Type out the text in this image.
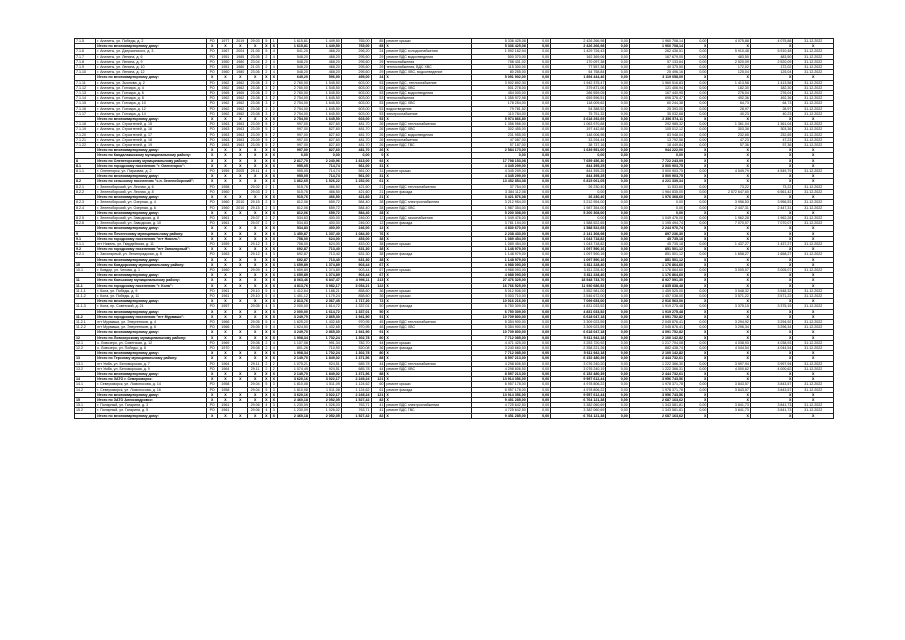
7.1.5	г. Апатиты, ул. Победы, д. 2	РО	1977	2019	29.03	5	1	1 615,81	1 449,50	765,00	85	ремонт крыши	5 336 425,08	0,00	2 426 266,98	0,00	1 960 708,14	0,00	4 075,88	4 075,88	31.12.2022
	Итого по многоквартирному дому:	Х	Х	Х	Х	Х	Х	1 615,81	1 449,50	765,00	85	Х	5 336 425,08	0,00	2 426 266,98	0,00	1 960 708,14	Х	Х	Х	Х
7.1.6	г. Апатиты, ул. Дзержинского, д. 3	РО	1967	2004	21.05	5	4	541,20	468,20	296,20	24	ремонт ВДС холодоснабжения	1 992 162,94	0,00	1 429 726,43	0,00	262 436,51	0,00	5 910,48	5 910,48	31.12.2022
7.1.7	г. Апатиты, ул. Ленина, д. 6	РО	1951	1985	23.05	2	4	548,20	468,20	295,60	29	ремонт ВДС водоотведения	500 370,00	0,00	162 369,06	0,00	167 679,00	0,00	483,50	483,50	31.12.2022
7.1.8	г. Апатиты, ул. Ленина, д. 9	РО	1950	1980	23.04	2	4	548,20	468,20	295,60	29	теплоснабжения	758 431,02	0,00	170 097,38	0,00	57 133,64	0,00	2 520,09	2 520,09	31.12.2022
7.1.9	г. Апатиты, ул. Ленина, д. 10	РО	1951	1980	21.03	2	4	548,20	468,20	295,60	29	теплоснабжения, ВДС ХВС	115 300,00	0,00	77 557,38	0,00	40 375,50	0,00	172,02	172,02	31.12.2022
7.1.10	г. Апатиты, ул. Ленина, д. 12	РО	1960	1980	23.06	2	4	548,20	468,20	295,60	29	ремонт ВДС ХВС, водоотведение	80 255,00	0,00	54 758,84	0,00	25 496,16	0,00	125,04	125,04	31.12.2022
	Итого по многоквартирному дому:	Х	Х	Х	Х	Х	Х	649,20	596,90	495,00	24	Х	5 091 902,00	0,00	1 894 444,46	0,00	3 119 058,00	Х	Х	Х	Х
7.1.11	г. Апатиты, ул. Зыонова, д. 2	РО	1962	1962	23.08	3	2	2 760,00	1 545,50	603,00	53	ремонт ВДС, теплоснабжение	3 902 892,30	0,00	1 942 375,47	0,00	1 960 516,83	0,00	1 413,58	1 413,58	31.12.2022
7.1.12	г. Апатиты, ул. Гончара, д. 4	РО	1962	1962	23.08	3	2	2 760,00	1 545,50	603,00	53	ремонт ВДС ХВС	501 278,00	0,00	379 871,06	0,00	121 406,94	0,00	182,30	182,30	31.12.2022
7.1.13	г. Апатиты, ул. Гончара, д. 6	РО	1965	1965	23.08	2	2	2 760,00	1 545,50	603,00	53	ремонт ВДС водоотведения	454 000,00	0,00	286 559,05	0,00	167 440,95	0,00	276,04	276,04	31.12.2022
7.1.14	г. Апатиты, ул. Гончара, д. 8	РО	1962	1962	23.08	3	2	2 754,00	1 645,50	603,00	53	теплоснабжения	1 355 972,98	0,00	659 596,51	0,00	696 376,47	0,00	492,36	492,36	31.12.2022
7.1.15	г. Апатиты, ул. Гончара, д. 10	РО	1962	1962	23.08	3	2	2 754,00	1 645,50	603,00	53	ремонт ВДС ХВС	178 254,00	0,00	118 009,62	0,00	60 244,38	0,00	64,73	64,73	31.12.2022
7.1.16	г. Апатиты, ул. Гончара, д. 12	РО	1962	1962	23.08	3	2	2 754,00	1 645,50	603,00	53	водоотведение	79 781,52	0,00	54 388,52	0,00	25 393,00	0,00	28,97	28,97	31.12.2022
7.1.17	г. Апатиты, ул. Гончара, д. 14	РО	1962	1962	23.08	3	2	2 754,00	1 645,50	603,00	53	электроснабжение	110 784,00	0,00	75 751,32	0,00	35 032,68	0,00	40,23	40,23	31.12.2022
	Итого по многоквартирному дому:	Х	Х	Х	Х	Х	Х	2 754,00	1 645,50	603,00	53	Х	5 974 866,80	0,00	3 618 292,69	0,00	2 356 574,11	Х	Х	Х	Х
7.1.18	г. Апатиты, ул. Строителей, д. 15	РО	1963	1963	23.09	5	2	997,00	827,60	481,70	26	ремонт ВДС теплоснабжения	1 356 956,00	0,00	1 063 970,68	0,00	292 985,32	0,00	1 361,04	1 361,04	31.12.2022
7.1.19	г. Апатиты, ул. Строителей, д. 16	РО	1963	1963	23.09	5	2	997,00	827,60	481,70	26	ремонт ВДС ХВС	302 455,00	0,00	197 442,88	0,00	105 012,12	0,00	303,36	303,36	31.12.2022
7.1.20	г. Апатиты, ул. Строителей, д. 17	РО	1963	1963	23.09	5	2	997,00	827,60	481,70	26	ремонт ВДС водоотведения	231 955,00	0,00	148 006,96	0,00	83 948,04	0,00	232,65	232,65	31.12.2022
7.1.21	г. Апатиты, ул. Строителей, д. 18	РО	1963	1963	23.09	5	2	997,00	827,60	481,70	26	электроснабжения	47 087,00	0,00	33 294,44	0,00	13 792,56	0,00	47,23	47,23	31.12.2022
7.1.22	г. Апатиты, ул. Строителей, д. 19	РО	1963	1963	23.09	5	2	997,00	827,60	481,70	26	ремонт ВДС ГВС	57 187,00	0,00	38 737,16	0,00	18 449,84	0,00	57,36	57,36	31.12.2022
	Итого по многоквартирному дому:	Х	Х	Х	Х	Х	Х	997,00	827,60	481,70	26	Х	2 584 173,00	0,00	1 639 951,00	0,00	944 222,00	Х	Х	Х	Х
	Итого по Кандалакшскому муниципальному району:	Х	Х	Х	Х	Х	Х	0,00	0,00	0,00	0	Х	0,00	0,00	0,00	0,00	0,00	Х	Х	Х	Х
8	Итого по Оленегорскому муниципальному району:	Х	Х	Х	Х	Х	Х	2 817,70	2 240,96	1 813,00	92	Х	17 798 153,08	0,00	7 659 456,30	0,00	7 722 243,09	Х	Х	Х	Х
8.1	Итого по городскому поселению "г. Оленегорск":	Х	Х	Х	Х	Х	Х	955,05	714,74	561,00	31	Х	4 345 299,00	0,00	844 395,25	0,00	3 500 903,75	Х	Х	Х	Х
8.1.1	г. Оленегорск, ул. Парковая, д. 2	РО	1959	2005	29.11	4	4	955,05	714,74	561,00	31	ремонт крыши	4 345 299,00	0,00	844 395,25	0,00	3 500 903,75	0,00	4 549,79	4 549,79	31.12.2022
	Итого по многоквартирному дому:	Х	Х	Х	Х	Х	Х	955,05	714,74	561,00	31	Х	4 345 299,00	0,00	844 395,25	0,00	3 500 903,75	Х	Х	Х	Х
8.2	Итого по сельскому поселению "с.п. Зеленоборский":	Х	Х	Х	Х	Х	Х	1 862,65	1 526,22	1 252,00	61	Х	13 452 854,08	0,00	6 815 061,05	0,00	4 221 339,34	Х	Х	Х	Х
8.2.1	г. Зеленоборский, ул. Лесная, д. 6	РО	1958		29.02	2	1	515,76	466,50	421,60	21	ремонт ВДС теплоснабжения	37 764,00	0,00	26 230,40	0,00	11 533,60	0,00	73,22	73,22	31.12.2022
8.2.2	г. Зеленоборский, ул. Лесная, д. 8	РО	1960		29.03	2	1	515,76	466,50	421,60	21	ремонт фасада	3 384 112,08	0,00	0,00	0,00	1 964 835,00	0,00	2 572 647,60	6 561,42	31.12.2022
	Итого по многоквартирному дому:	Х	Х	Х	Х	Х	Х	515,76	466,50	421,60	21	Х	3 421 876,08	0,00	26 230,40	0,00	1 976 368,60	Х	Х	Х	Х
8.2.3	г. Зеленоборский, ул. Озерная, д. 4	РО	1960	2010	29.15	2	3	812,06	659,72	584,40	28	ремонт ВДС электроснабжения	3 212 954,00	0,00	3 212 954,00	0,00	0,00	0,00	3 956,53	3 956,53	31.12.2022
8.2.4	г. Зеленоборский, ул. Озерная, д. 6	РО	1960	2010	29.15	2	3	812,06	659,72	584,40	28	ремонт ВДС ХВС	1 987 354,00	0,00	1 987 354,00	0,00	0,00	0,00	2 447,31	2 447,31	31.12.2022
	Итого по многоквартирному дому:	Х	Х	Х	Х	Х	Х	812,06	659,72	584,40	28	Х	5 200 308,00	0,00	5 200 308,00	0,00	0,00	Х	Х	Х	Х
8.2.5	г. Зеленоборский, ул. Заводская, д. 8	РО	1961		29.07	2	2	534,83	400,00	246,00	12	ремонт ВДС газоснабжения	1 049 476,00	0,00	0,00	0,00	1 049 476,00	0,00	1 962,28	1 962,28	31.12.2022
8.2.6	г. Зеленоборский, ул. Заводская, д. 10	РО	1961		29.07	2	2	534,83	400,00	246,00	12	ремонт фасада	3 781 194,00	0,00	1 588 522,65	0,00	1 195 494,74	0,00	7 070,07	7 070,07	31.12.2022
	Итого по многоквартирному дому:	Х	Х	Х	Х	Х	Х	534,83	400,00	246,00	12	Х	4 830 670,00	0,00	1 588 522,65	0,00	2 244 970,74	Х	Х	Х	Х
9	Итого по Печенгскому муниципальному району:	Х	Х	Х	Х	Х	Х	1 450,87	1 337,40	1 084,30	76	Х	2 238 433,00	0,00	2 141 308,98	0,00	897 236,30	Х	Х	Х	Х
9.1	Итого по городскому поселению "пгт Никель":	Х	Х	Х	Х	Х	Х	758,00	624,00	453,00	38	Х	1 089 454,00	0,00	1 043 718,82	0,00	45 735,18	Х	Х	Х	Х
9.1.1	пгт Никель, ул. Гвардейская, д. 11	РО	1959		29.12	3	2	758,00	624,00	453,00	38	ремонт крыши	1 089 454,00	0,00	1 043 718,82	0,00	45 735,18	0,00	1 437,27	1 437,27	31.12.2022
9.2	Итого по городскому поселению "пгт Заполярный":	Х	Х	Х	Х	Х	Х	692,87	713,40	631,30	38	Х	1 148 979,00	0,00	1 097 590,16	0,00	851 501,12	Х	Х	Х	Х
9.2.1	г. Заполярный, ул. Ленинградская, д. 5	РО	1963		29.12	4	3	692,87	713,40	631,30	38	ремонт фасада	1 148 979,00	0,00	1 097 590,16	0,00	851 501,12	0,00	1 658,27	1 658,27	31.12.2022
	Итого по многоквартирному дому:	Х	Х	Х	Х	Х	Х	692,87	713,40	631,30	38	Х	1 148 979,00	0,00	1 097 590,16	0,00	851 501,12	Х	Х	Х	Х
10	Итого по Ковдорскому муниципальному району:	Х	Х	Х	Х	Х	Х	1 659,89	1 374,89	903,44	67	Х	4 988 093,00	0,00	3 811 228,40	0,00	1 176 864,60	Х	Х	Х	Х
10.1	г. Ковдор, ул. Чехова, д. 1	РО	1960		29.09	4	2	1 659,89	1 374,89	903,44	67	ремонт крыши	4 988 093,00	0,00	3 811 228,40	0,00	1 176 864,60	0,00	3 005,07	3 005,07	31.12.2022
	Итого по многоквартирному дому:	Х	Х	Х	Х	Х	Х	1 659,89	1 374,89	903,44	67	Х	4 988 093,00	0,00	3 811 228,40	0,00	1 176 864,60	Х	Х	Х	Х
11	Итого по Кольскому муниципальному району:	Х	Х	Х	Х	Х	Х	8 063,46	6 847,47	4 996,11	213	Х	27 476 325,00	0,00	18 548 733,70	0,00	8 927 591,30	Х	Х	Х	Х
11.1	Итого по городскому поселению "г. Кола":	Х	Х	Х	Х	Х	Х	4 813,76	3 982,17	3 054,21	122	Х	16 766 525,00	0,00	11 930 686,52	0,00	4 835 838,48	Х	Х	Х	Х
11.1.1	г. Кола, ул. Победы, д. 9	РО	1961		29.10	5	4	1 412,64	1 188,21	858,60	36	ремонт крыши	5 012 506,00	0,00	3 552 981,00	0,00	1 459 525,00	0,00	3 548,32	3 548,32	31.12.2022
11.1.2	г. Кола, ул. Победы, д. 11	РО	1961		29.10	5	4	1 401,12	1 179,24	858,60	36	ремонт крыши	5 003 710,00	0,00	3 546 672,00	0,00	1 457 038,00	0,00	3 571,22	3 571,22	31.12.2022
	Итого по многоквартирному дому:	Х	Х	Х	Х	Х	Х	2 813,76	2 367,45	1 717,20	72	Х	10 016 216,00	0,00	7 099 653,00	0,00	2 916 563,00	Х	Х	Х	Х
11.1.3	г. Кола, пр. Советский, д. 21	РО	1957		29.05	4	3	2 000,00	1 614,72	1 337,01	50	ремонт фасада	6 750 309,00	0,00	4 831 033,52	0,00	1 919 275,48	0,00	3 375,15	3 375,15	31.12.2022
	Итого по многоквартирному дому:	Х	Х	Х	Х	Х	Х	2 000,00	1 614,72	1 337,01	50	Х	6 750 309,00	0,00	4 831 033,52	0,00	1 919 275,48	Х	Х	Х	Х
11.2	Итого по городскому поселению "пгт Мурмаши":	Х	Х	Х	Х	Х	Х	3 249,70	2 865,30	1 941,90	91	Х	10 709 800,00	0,00	6 618 047,18	0,00	4 091 752,82	Х	Х	Х	Х
11.2.1	пгт Мурмаши, ул. Энергетиков, д. 4	РО	1966		29.05	5	4	1 625,20	1 432,65	970,95	45	ремонт ВДС теплоснабжения	5 354 900,00	0,00	3 309 023,59	0,00	2 045 876,41	0,00	3 294,92	3 294,92	31.12.2022
11.2.2	пгт Мурмаши, ул. Энергетиков, д. 6	РО	1966		29.05	5	4	1 624,50	1 432,65	970,95	46	ремонт ВДС ХВС	5 354 900,00	0,00	3 309 023,59	0,00	2 045 876,41	0,00	3 296,34	3 296,34	31.12.2022
	Итого по многоквартирному дому:	Х	Х	Х	Х	Х	Х	3 249,70	2 865,30	1 941,90	91	Х	10 709 800,00	0,00	6 618 047,18	0,00	4 091 752,82	Х	Х	Х	Х
12	Итого по Ловозерскому муниципальному району:	Х	Х	Х	Х	Х	Х	1 908,34	1 702,24	1 302,78	80	Х	7 712 085,00	0,00	5 611 942,18	0,00	2 100 142,82	Х	Х	Х	Х
12.1	с. Ловозеро, ул. Советская, д. 12	РО	1969		29.08	2	4	1 107,08	991,34	782,70	44	ремонт крыши	4 471 425,00	0,00	3 253 720,92	0,00	1 217 704,08	0,00	4 038,93	4 038,93	31.12.2022
12.2	с. Ловозеро, ул. Победы, д. 8	РО	1970		29.08	2	4	801,26	710,90	520,08	36	ремонт фасада	3 240 660,00	0,00	2 358 221,26	0,00	882 438,74	0,00	4 044,54	4 044,54	31.12.2022
	Итого по многоквартирному дому:	Х	Х	Х	Х	Х	Х	1 908,34	1 702,24	1 302,78	80	Х	7 712 085,00	0,00	5 611 942,18	0,00	2 100 142,82	Х	Х	Х	Х
13	Итого по Терскому муниципальному району:	Х	Х	Х	Х	Х	Х	2 149,70	1 849,02	1 371,56	88	Х	8 597 213,00	0,00	6 152 480,39	0,00	2 444 732,61	Х	Х	Х	Х
13.1	пгт Умба, ул. Беломорская, д. 7	РО	1964		29.11	2	2	1 075,21	924,51	685,78	44	ремонт ВДС теплоснабжения	4 298 606,50	0,00	3 076 240,20	0,00	1 222 366,30	0,00	3 997,94	3 997,94	31.12.2022
13.2	пгт Умба, ул. Беломорская, д. 9	РО	1964		29.11	2	2	1 074,49	924,51	685,78	44	ремонт ВДС ХВС	4 298 606,50	0,00	3 076 240,19	0,00	1 222 366,31	0,00	4 000,62	4 000,62	31.12.2022
	Итого по многоквартирному дому:	Х	Х	Х	Х	Х	Х	2 149,70	1 849,02	1 371,56	88	Х	8 597 213,00	0,00	6 152 480,39	0,00	2 444 732,61	Х	Х	Х	Х
14	Итого по ЗАТО г. Североморск:	Х	Х	Х	Х	Х	Х	3 620,16	3 022,17	2 249,24	121	Х	13 914 356,00	0,00	9 957 612,44	0,00	3 956 743,56	Х	Х	Х	Х
14.1	г. Североморск, ул. Ломоносова, д. 14	РО	1958		29.04	5	3	1 810,08	1 511,09	1 124,62	60	ремонт крыши	6 957 178,00	0,00	4 978 806,22	0,00	1 978 371,78	0,00	3 843,57	3 843,57	31.12.2022
14.2	г. Североморск, ул. Ломоносова, д. 16	РО	1958		29.04	5	3	1 810,08	1 511,08	1 124,62	61	ремонт фасада	6 957 178,00	0,00	4 978 806,22	0,00	1 978 371,78	0,00	3 843,57	3 843,57	31.12.2022
	Итого по многоквартирному дому:	Х	Х	Х	Х	Х	Х	3 620,16	3 022,17	2 249,24	121	Х	13 914 356,00	0,00	9 957 612,44	0,00	3 956 743,56	Х	Х	Х	Х
15	Итого по ЗАТО Александровск:	Х	Х	Х	Х	Х	Х	2 460,18	2 052,05	1 527,42	82	Х	9 451 285,00	0,00	6 764 121,38	0,00	2 687 163,62	Х	Х	Х	Х
15.1	г. Полярный, ул. Гагарина, д. 3	РО	1961		29.06	4	3	1 230,09	1 026,03	763,71	41	ремонт ВДС электроснабжения	4 725 642,50	0,00	3 382 060,69	0,00	1 343 581,81	0,00	3 841,73	3 841,73	31.12.2022
15.2	г. Полярный, ул. Гагарина, д. 5	РО	1961		29.06	4	3	1 230,09	1 026,02	763,71	41	ремонт ВДС ГВС	4 725 642,50	0,00	3 382 060,69	0,00	1 343 581,81	0,00	3 841,73	3 841,73	31.12.2022
	Итого по многоквартирному дому:	Х	Х	Х	Х	Х	Х	2 460,18	2 052,05	1 527,42	82	Х	9 451 285,00	0,00	6 764 121,38	0,00	2 687 163,62	Х	Х	Х	Х
